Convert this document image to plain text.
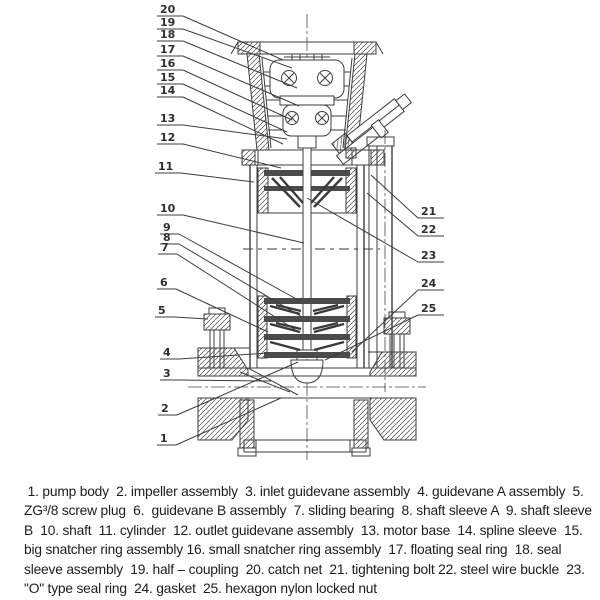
20
19
18
17
16
15
14
13
12
11
10
9
8
7
6
5
4
3
2
1
21
22
23
24
25
1. pump body  2. impeller assembly  3. inlet guidevane assembly  4. guidevane A assembly  5.
ZG³/8 screw plug  6.  guidevane B assembly  7. sliding bearing  8. shaft sleeve A  9. shaft sleeve
B  10. shaft  11. cylinder  12. outlet guidevane assembly  13. motor base  14. spline sleeve  15.
big snatcher ring assembly 16. small snatcher ring assembly  17. floating seal ring  18. seal
sleeve assembly  19. half – coupling  20. catch net  21. tightening bolt 22. steel wire buckle  23.
"O" type seal ring  24. gasket  25. hexagon nylon locked nut
